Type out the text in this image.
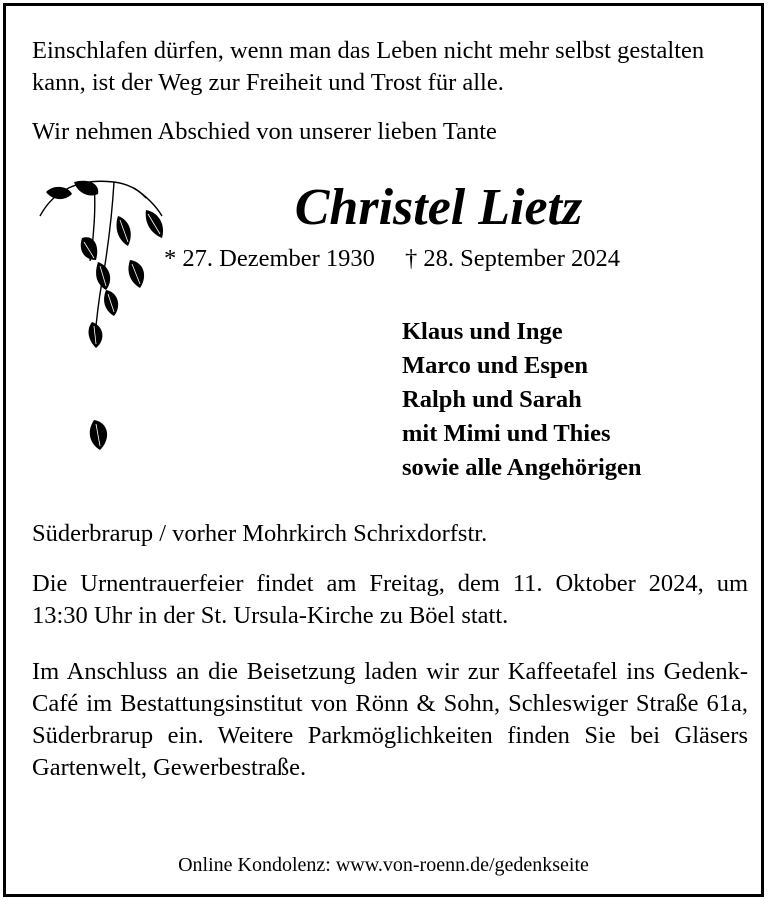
Einschlafen dürfen, wenn man das Leben nicht mehr selbst gestalten kann, ist der Weg zur Freiheit und Trost für alle.

Wir nehmen Abschied von unserer lieben Tante

Christel Lietz
* 27. Dezember 1930 † 28. September 2024
Klaus und Inge
Marco und Espen
Ralph und Sarah
mit Mimi und Thies
sowie alle Angehörigen

Süderbrarup / vorher Mohrkirch Schrixdorfstr.

Die Urnentrauerfeier findet am Freitag, dem 11. Oktober 2024, um 13:30 Uhr in der St. Ursula-Kirche zu Böel statt.

Im Anschluss an die Beisetzung laden wir zur Kaffeetafel ins Gedenk-Café im Bestattungsinstitut von Rönn & Sohn, Schleswiger Straße 61a, Süderbrarup ein. Weitere Parkmöglichkeiten finden Sie bei Gläsers Gartenwelt, Gewerbestraße.

Online Kondolenz: www.von-roenn.de/gedenkseite
